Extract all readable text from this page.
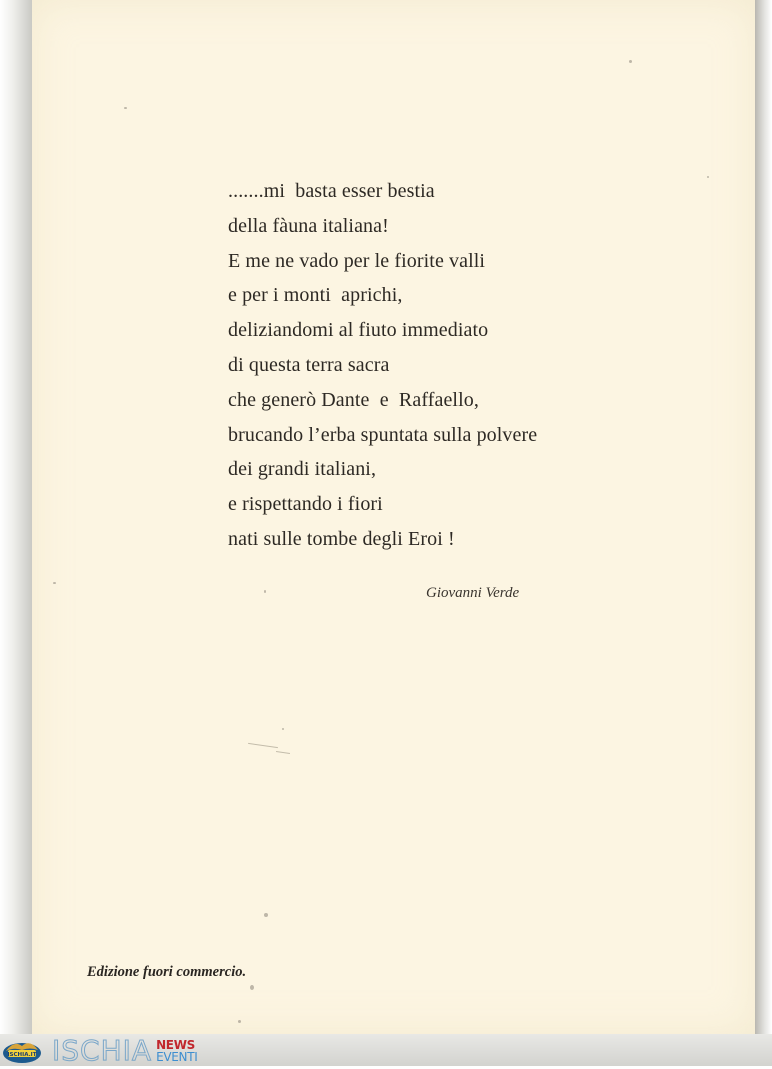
.......mi  basta esser bestia
della fàuna italiana!
E me ne vado per le fiorite valli
e per i monti  aprichi,
deliziandomi al fiuto immediato
di questa terra sacra
che generò Dante  e  Raffaello,
brucando l’erba spuntata sulla polvere
dei grandi italiani,
e rispettando i fiori
nati sulle tombe degli Eroi !
Giovanni Verde
Edizione fuori commercio.
ISCHIA.IT ISCHIA NEWS
EVENTI
